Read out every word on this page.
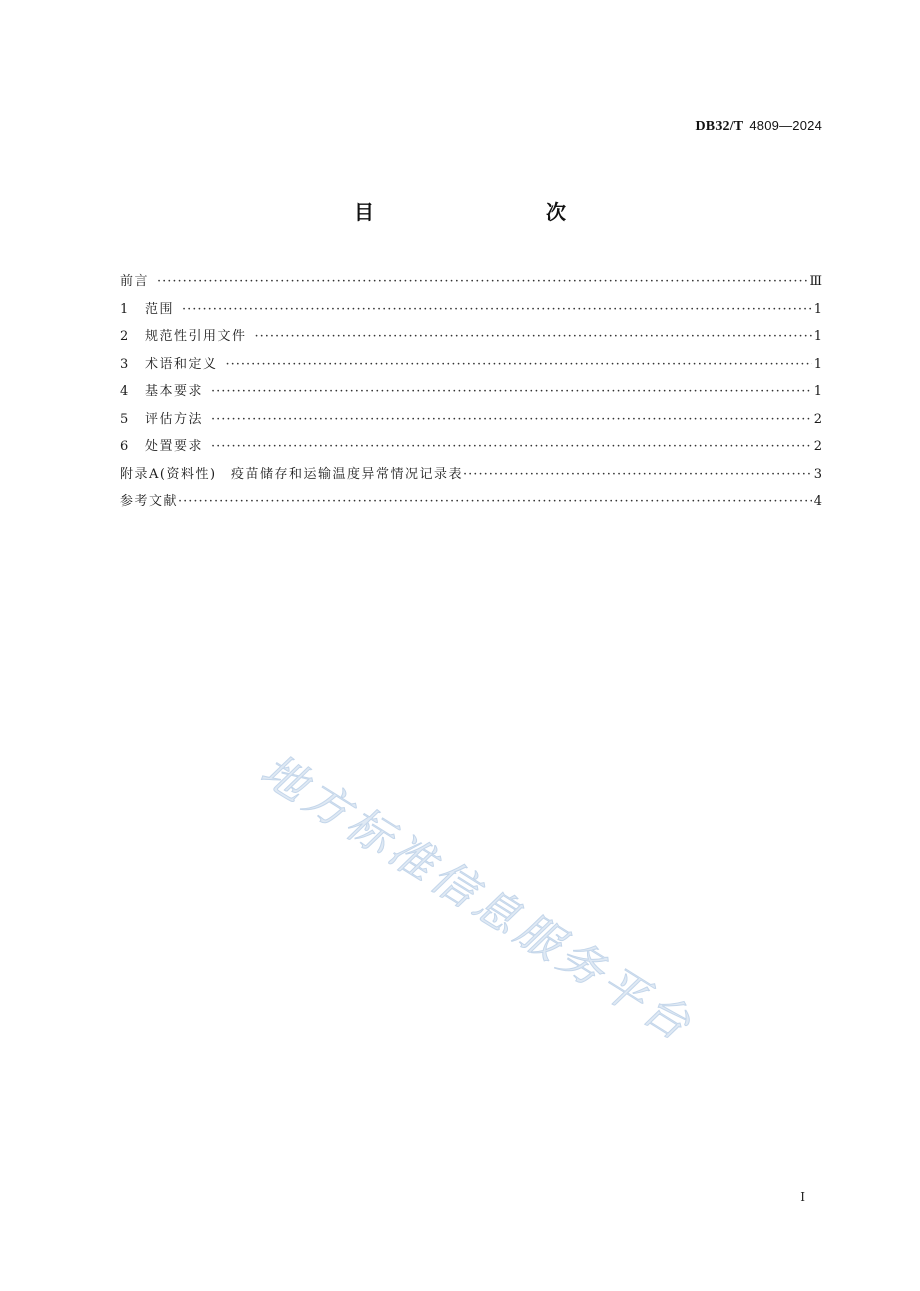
DB32/T 4809—2024
目　　次
前言 ·····	Ⅲ
1	范围 ·····	1
2	规范性引用文件 ·····	1
3	术语和定义 ·····	1
4	基本要求 ·····	1
5	评估方法 ·····	2
6	处置要求 ·····	2
附录A(资料性)　疫苗储存和运输温度异常情况记录表 ·····	3
参考文献 ·····	4
地方标准信息服务平台
I
